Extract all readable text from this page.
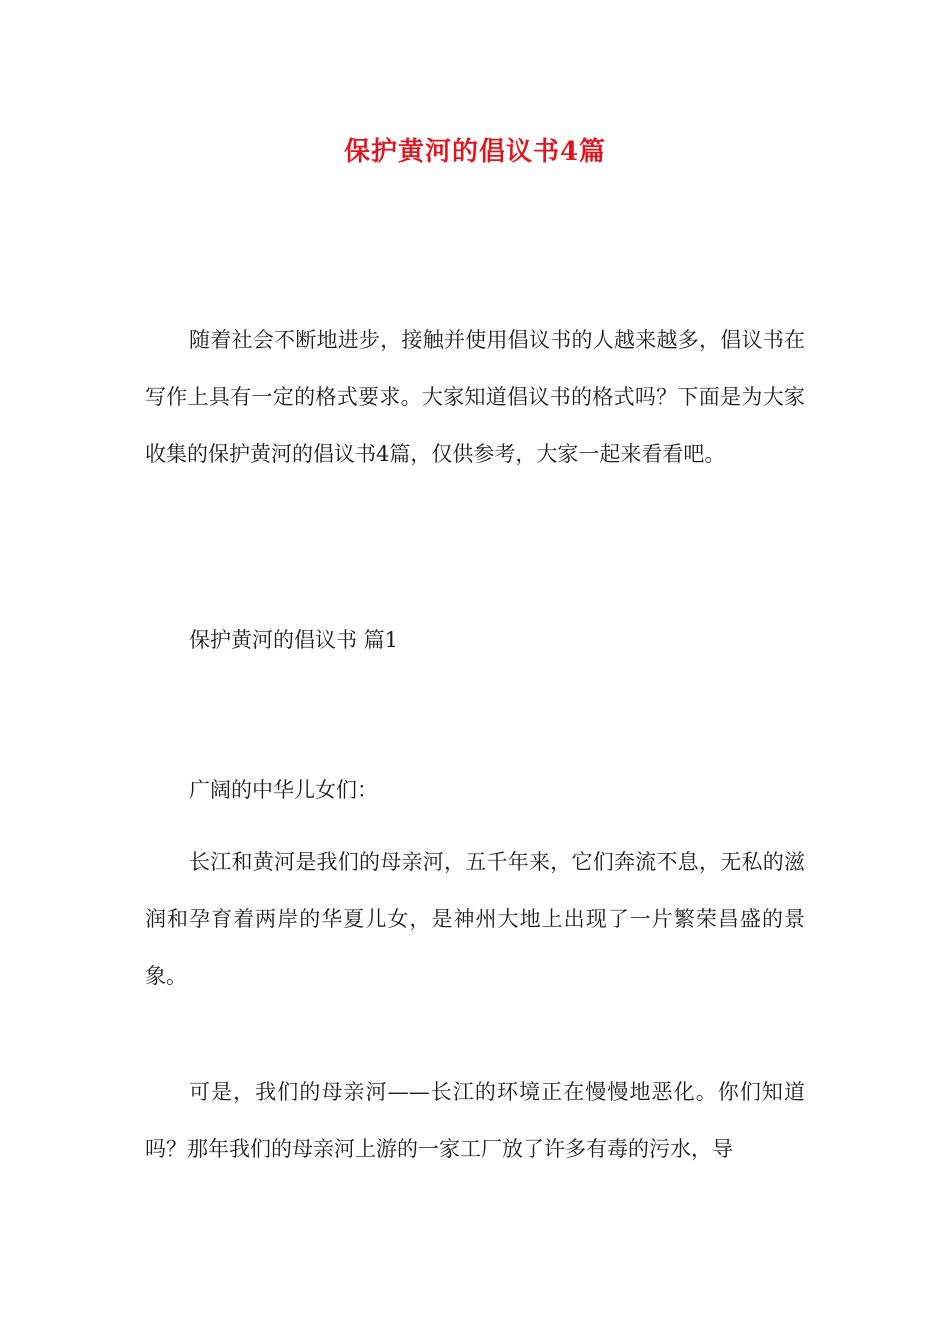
保护黄河的倡议书4篇

随着社会不断地进步，接触并使用倡议书的人越来越多，倡议书在写作上具有一定的格式要求。大家知道倡议书的格式吗？下面是为大家收集的保护黄河的倡议书4篇，仅供参考，大家一起来看看吧。

保护黄河的倡议书 篇1

广阔的中华儿女们：

长江和黄河是我们的母亲河，五千年来，它们奔流不息，无私的滋润和孕育着两岸的华夏儿女，是神州大地上出现了一片繁荣昌盛的景象。

可是，我们的母亲河——长江的环境正在慢慢地恶化。你们知道吗？那年我们的母亲河上游的一家工厂放了许多有毒的污水，导
